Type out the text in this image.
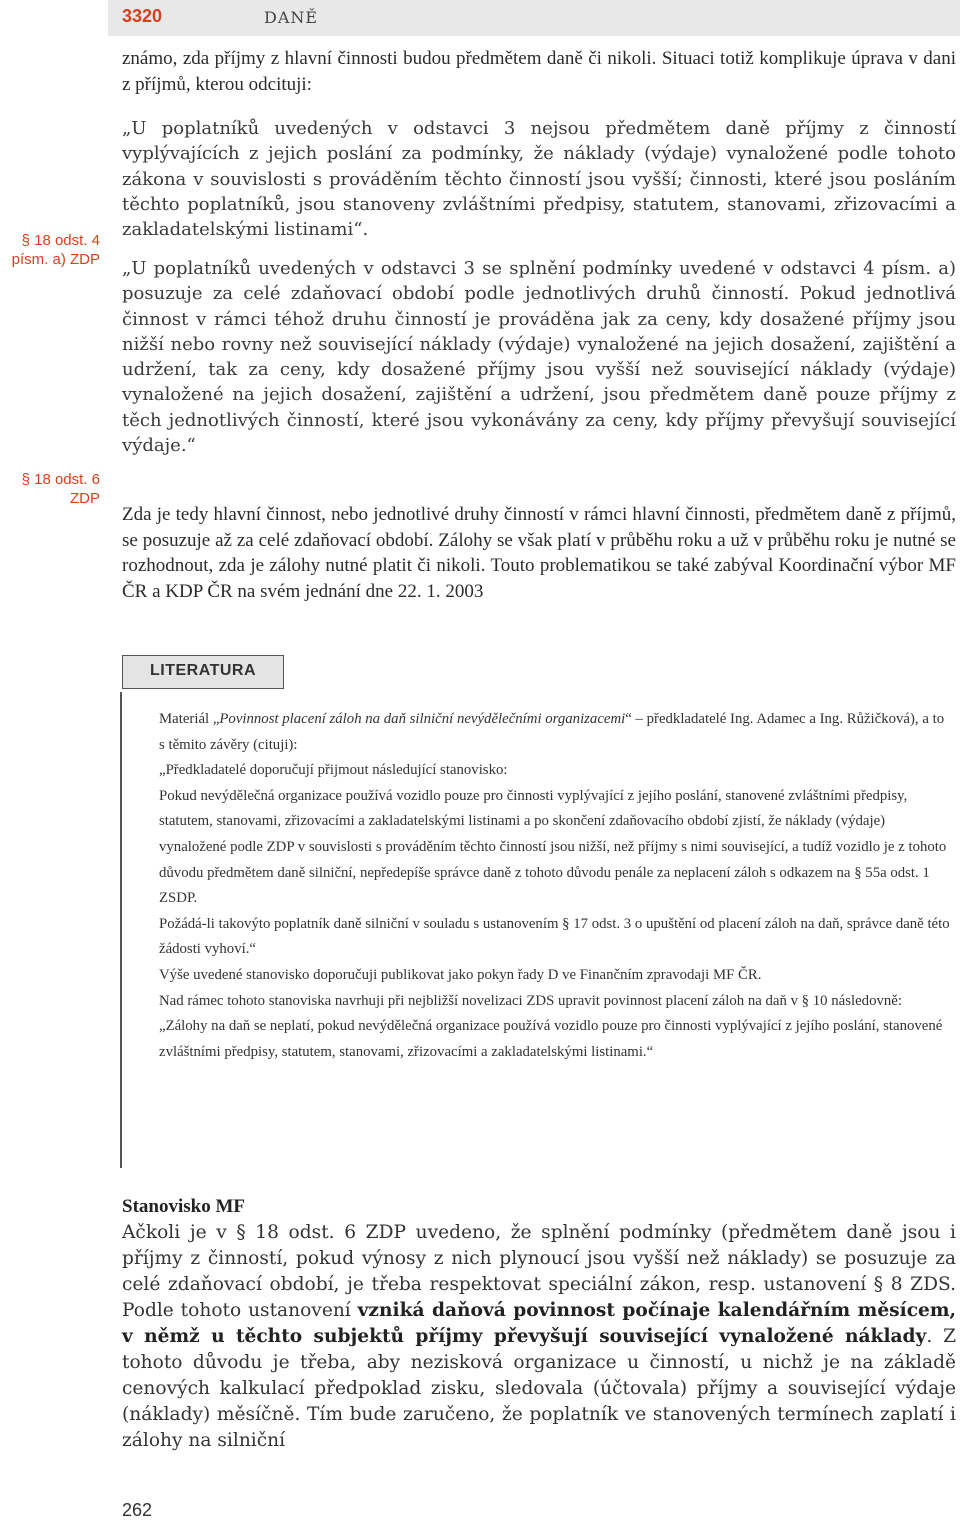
3320	DANĚ
§ 18 odst. 4
písm. a) ZDP
§ 18 odst. 6
ZDP

známo, zda příjmy z hlavní činnosti budou předmětem daně či nikoli. Situaci totiž komplikuje úprava v dani z příjmů, kterou odcituji:

„U poplatníků uvedených v odstavci 3 nejsou předmětem daně příjmy z činností vyplývajících z jejich poslání za podmínky, že náklady (výdaje) vynaložené podle tohoto zákona v souvislosti s prováděním těchto činností jsou vyšší; činnosti, které jsou posláním těchto poplatníků, jsou stanoveny zvláštními předpisy, statutem, stanovami, zřizovacími a zakladatelskými listinami“.

„U poplatníků uvedených v odstavci 3 se splnění podmínky uvedené v odstavci 4 písm. a) posuzuje za celé zdaňovací období podle jednotlivých druhů činností. Pokud jednotlivá činnost v rámci téhož druhu činností je prováděna jak za ceny, kdy dosažené příjmy jsou nižší nebo rovny než související náklady (výdaje) vynaložené na jejich dosažení, zajištění a udržení, tak za ceny, kdy dosažené příjmy jsou vyšší než související náklady (výdaje) vynaložené na jejich dosažení, zajištění a udržení, jsou předmětem daně pouze příjmy z těch jednotlivých činností, které jsou vykonávány za ceny, kdy příjmy převyšují související výdaje.“

Zda je tedy hlavní činnost, nebo jednotlivé druhy činností v rámci hlavní činnosti, předmětem daně z příjmů, se posuzuje až za celé zdaňovací období. Zálohy se však platí v průběhu roku a už v průběhu roku je nutné se rozhodnout, zda je zálohy nutné platit či nikoli. Touto problematikou se také zabýval Koordinační výbor MF ČR a KDP ČR na svém jednání dne 22. 1. 2003

LITERATURA

Materiál „Povinnost placení záloh na daň silniční nevýdělečními organizacemi“ – předkladatelé Ing. Adamec a Ing. Růžičková), a to s těmito závěry (cituji):

„Předkladatelé doporučují přijmout následující stanovisko:

Pokud nevýdělečná organizace používá vozidlo pouze pro činnosti vyplývající z jejího poslání, stanovené zvláštními předpisy, statutem, stanovami, zřizovacími a zakladatelskými listinami a po skončení zdaňovacího období zjistí, že náklady (výdaje) vynaložené podle ZDP v souvislosti s prováděním těchto činností jsou nižší, než příjmy s nimi související, a tudíž vozidlo je z tohoto důvodu předmětem daně silniční, nepředepíše správce daně z tohoto důvodu penále za neplacení záloh s odkazem na § 55a odst. 1 ZSDP.

Požádá-li takovýto poplatník daně silniční v souladu s ustanovením § 17 odst. 3 o upuštění od placení záloh na daň, správce daně této žádosti vyhoví.“

Výše uvedené stanovisko doporučuji publikovat jako pokyn řady D ve Finančním zpravodaji MF ČR.

Nad rámec tohoto stanoviska navrhuji při nejbližší novelizaci ZDS upravit povinnost placení záloh na daň v § 10 následovně:

„Zálohy na daň se neplatí, pokud nevýdělečná organizace používá vozidlo pouze pro činnosti vyplývající z jejího poslání, stanovené zvláštními předpisy, statutem, stanovami, zřizovacími a zakladatelskými listinami.“

Stanovisko MF

Ačkoli je v § 18 odst. 6 ZDP uvedeno, že splnění podmínky (předmětem daně jsou i příjmy z činností, pokud výnosy z nich plynoucí jsou vyšší než náklady) se posuzuje za celé zdaňovací období, je třeba respektovat speciální zákon, resp. ustanovení § 8 ZDS. Podle tohoto ustanovení vzniká daňová povinnost počínaje kalendářním měsícem, v němž u těchto subjektů příjmy převyšují související vynaložené náklady. Z tohoto důvodu je třeba, aby nezisková organizace u činností, u nichž je na základě cenových kalkulací předpoklad zisku, sledovala (účtovala) příjmy a související výdaje (náklady) měsíčně. Tím bude zaručeno, že poplatník ve stanovených termínech zaplatí i zálohy na silniční

262
